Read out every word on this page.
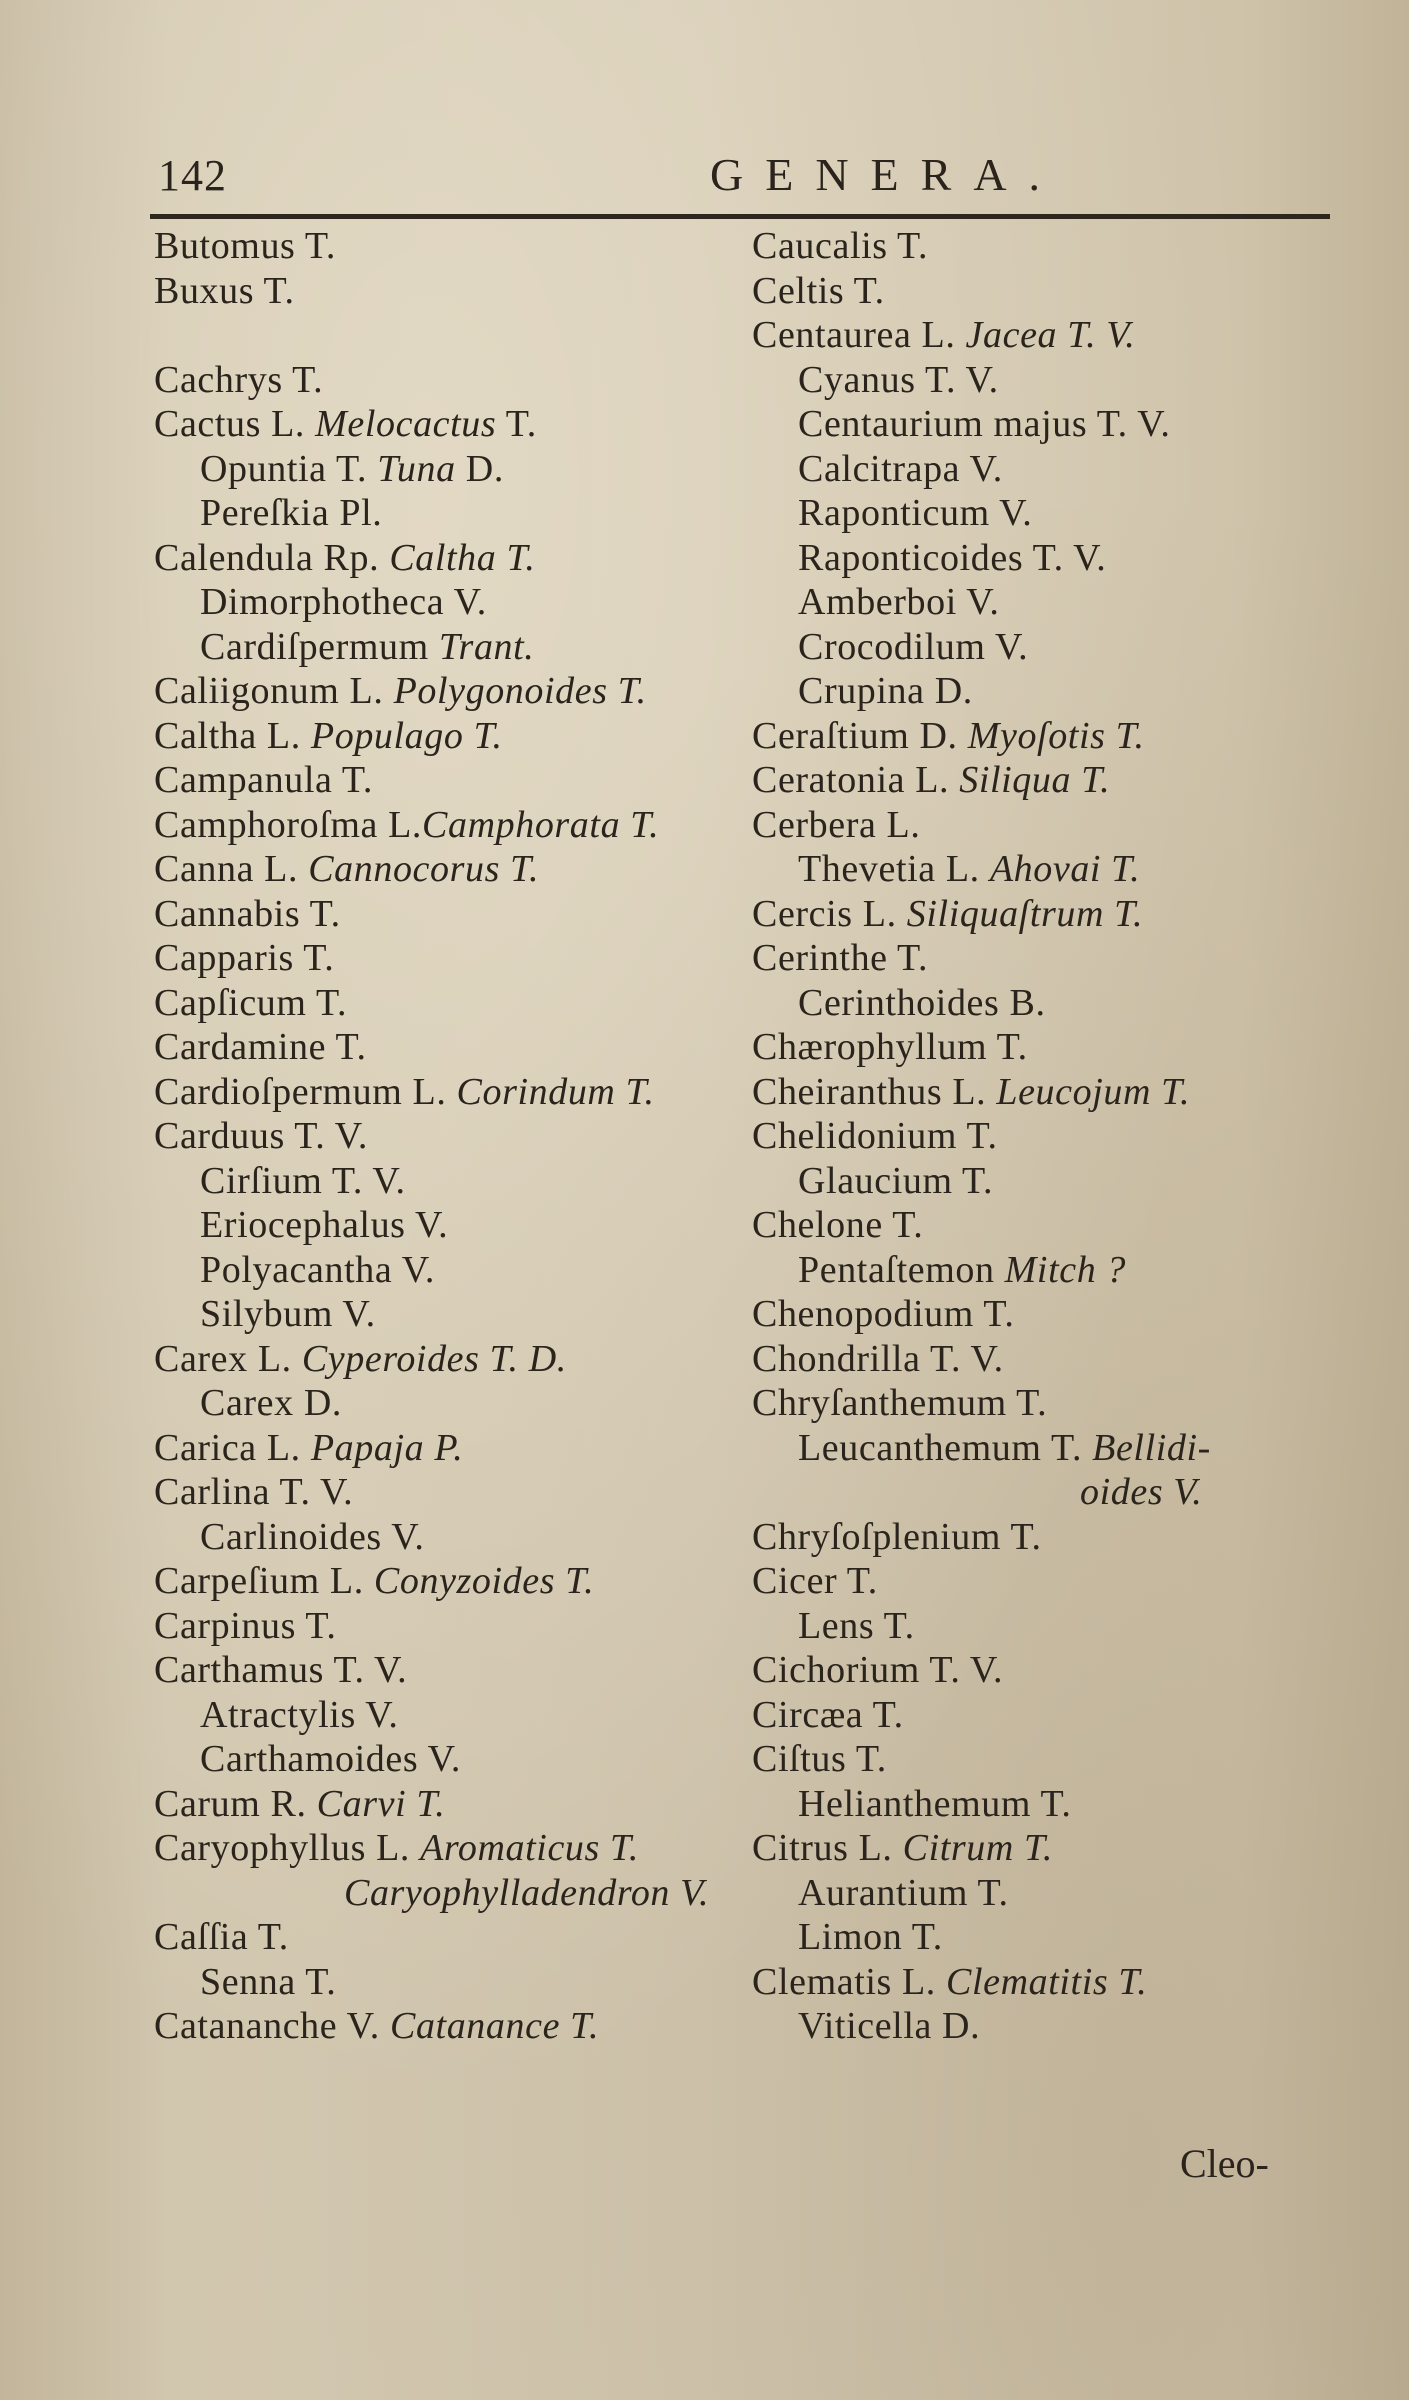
142	GENERA.
Butomus T.
Buxus T.
Cachrys T.
Cactus L. Melocactus T.
Opuntia T. Tuna D.
Pereſkia Pl.
Calendula Rp. Caltha T.
Dimorphotheca V.
Cardiſpermum Trant.
Caliigonum L. Polygonoides T.
Caltha L. Populago T.
Campanula T.
Camphoroſma L.Camphorata T.
Canna L. Cannocorus T.
Cannabis T.
Capparis T.
Capſicum T.
Cardamine T.
Cardioſpermum L. Corindum T.
Carduus T. V.
Cirſium T. V.
Eriocephalus V.
Polyacantha V.
Silybum V.
Carex L. Cyperoides T. D.
Carex D.
Carica L. Papaja P.
Carlina T. V.
Carlinoides V.
Carpeſium L. Conyzoides T.
Carpinus T.
Carthamus T. V.
Atractylis V.
Carthamoides V.
Carum R. Carvi T.
Caryophyllus L. Aromaticus T.
Caryophylladendron V.
Caſſia T.
Senna T.
Catananche V. Catanance T.
Caucalis T.
Celtis T.
Centaurea L. Jacea T. V.
Cyanus T. V.
Centaurium majus T. V.
Calcitrapa V.
Raponticum V.
Raponticoides T. V.
Amberboi V.
Crocodilum V.
Crupina D.
Ceraſtium D. Myoſotis T.
Ceratonia L. Siliqua T.
Cerbera L.
Thevetia L. Ahovai T.
Cercis L. Siliquaſtrum T.
Cerinthe T.
Cerinthoides B.
Chærophyllum T.
Cheiranthus L. Leucojum T.
Chelidonium T.
Glaucium T.
Chelone T.
Pentaſtemon Mitch ?
Chenopodium T.
Chondrilla T. V.
Chryſanthemum T.
Leucanthemum T. Bellidi-
oides V.
Chryſoſplenium T.
Cicer T.
Lens T.
Cichorium T. V.
Circæa T.
Ciſtus T.
Helianthemum T.
Citrus L. Citrum T.
Aurantium T.
Limon T.
Clematis L. Clematitis T.
Viticella D.
Cleo-
